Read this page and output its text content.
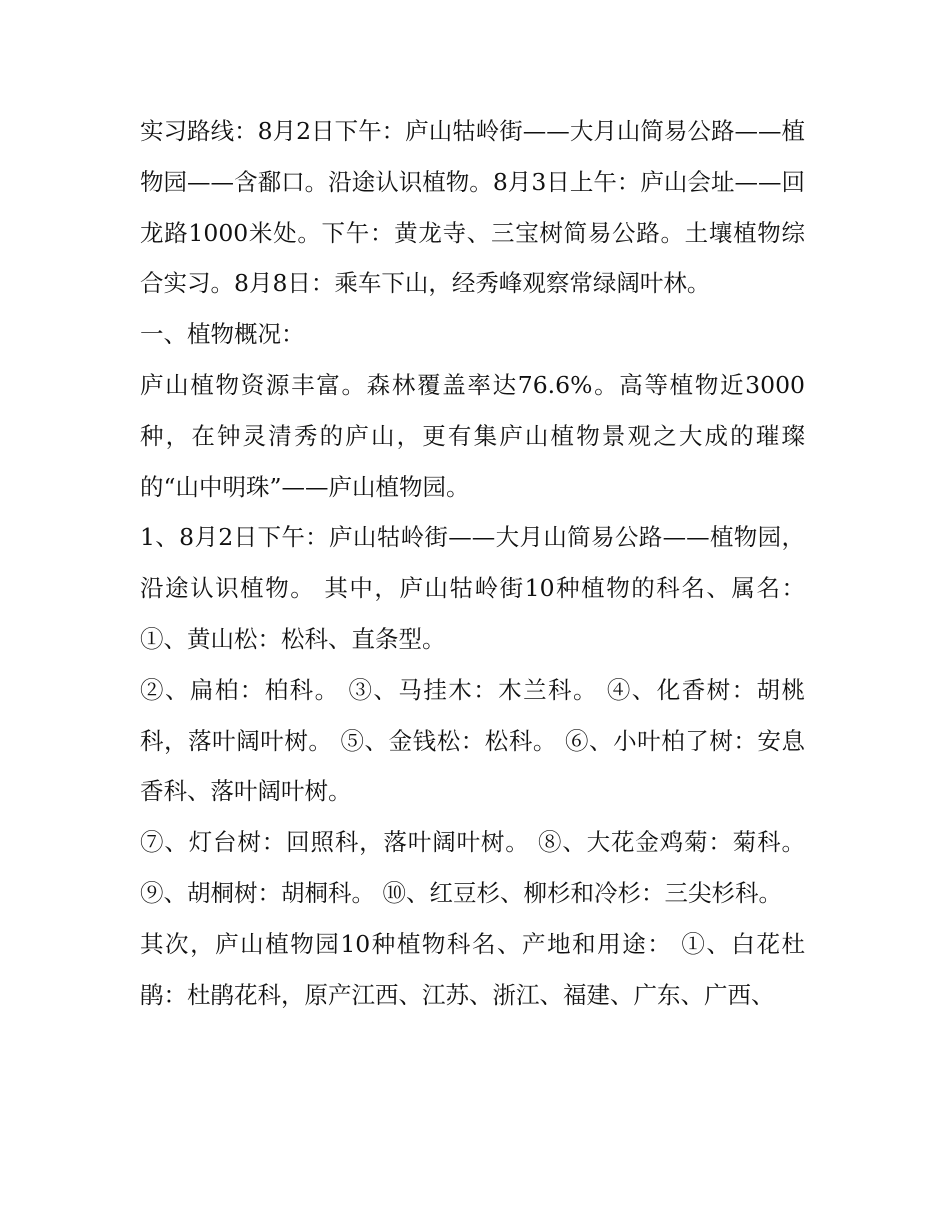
实习路线：8月2日下午：庐山牯岭街——大月山简易公路——植物园——含鄱口。沿途认识植物。8月3日上午：庐山会址——回龙路1000米处。下午：黄龙寺、三宝树简易公路。土壤植物综合实习。8月8日：乘车下山，经秀峰观察常绿阔叶林。

一、植物概况：

庐山植物资源丰富。森林覆盖率达76.6%。高等植物近3000种，在钟灵清秀的庐山，更有集庐山植物景观之大成的璀璨的“山中明珠”——庐山植物园。

1、8月2日下午：庐山牯岭街——大月山简易公路——植物园，沿途认识植物。 其中，庐山牯岭街10种植物的科名、属名： ①、黄山松：松科、直条型。

②、扁柏：柏科。 ③、马挂木：木兰科。 ④、化香树：胡桃科，落叶阔叶树。 ⑤、金钱松：松科。 ⑥、小叶柏了树：安息香科、落叶阔叶树。

⑦、灯台树：回照科，落叶阔叶树。 ⑧、大花金鸡菊：菊科。 ⑨、胡桐树：胡桐科。 ⑩、红豆杉、柳杉和冷杉：三尖杉科。

其次，庐山植物园10种植物科名、产地和用途： ①、白花杜鹃：杜鹃花科，原产江西、江苏、浙江、福建、广东、广西、
